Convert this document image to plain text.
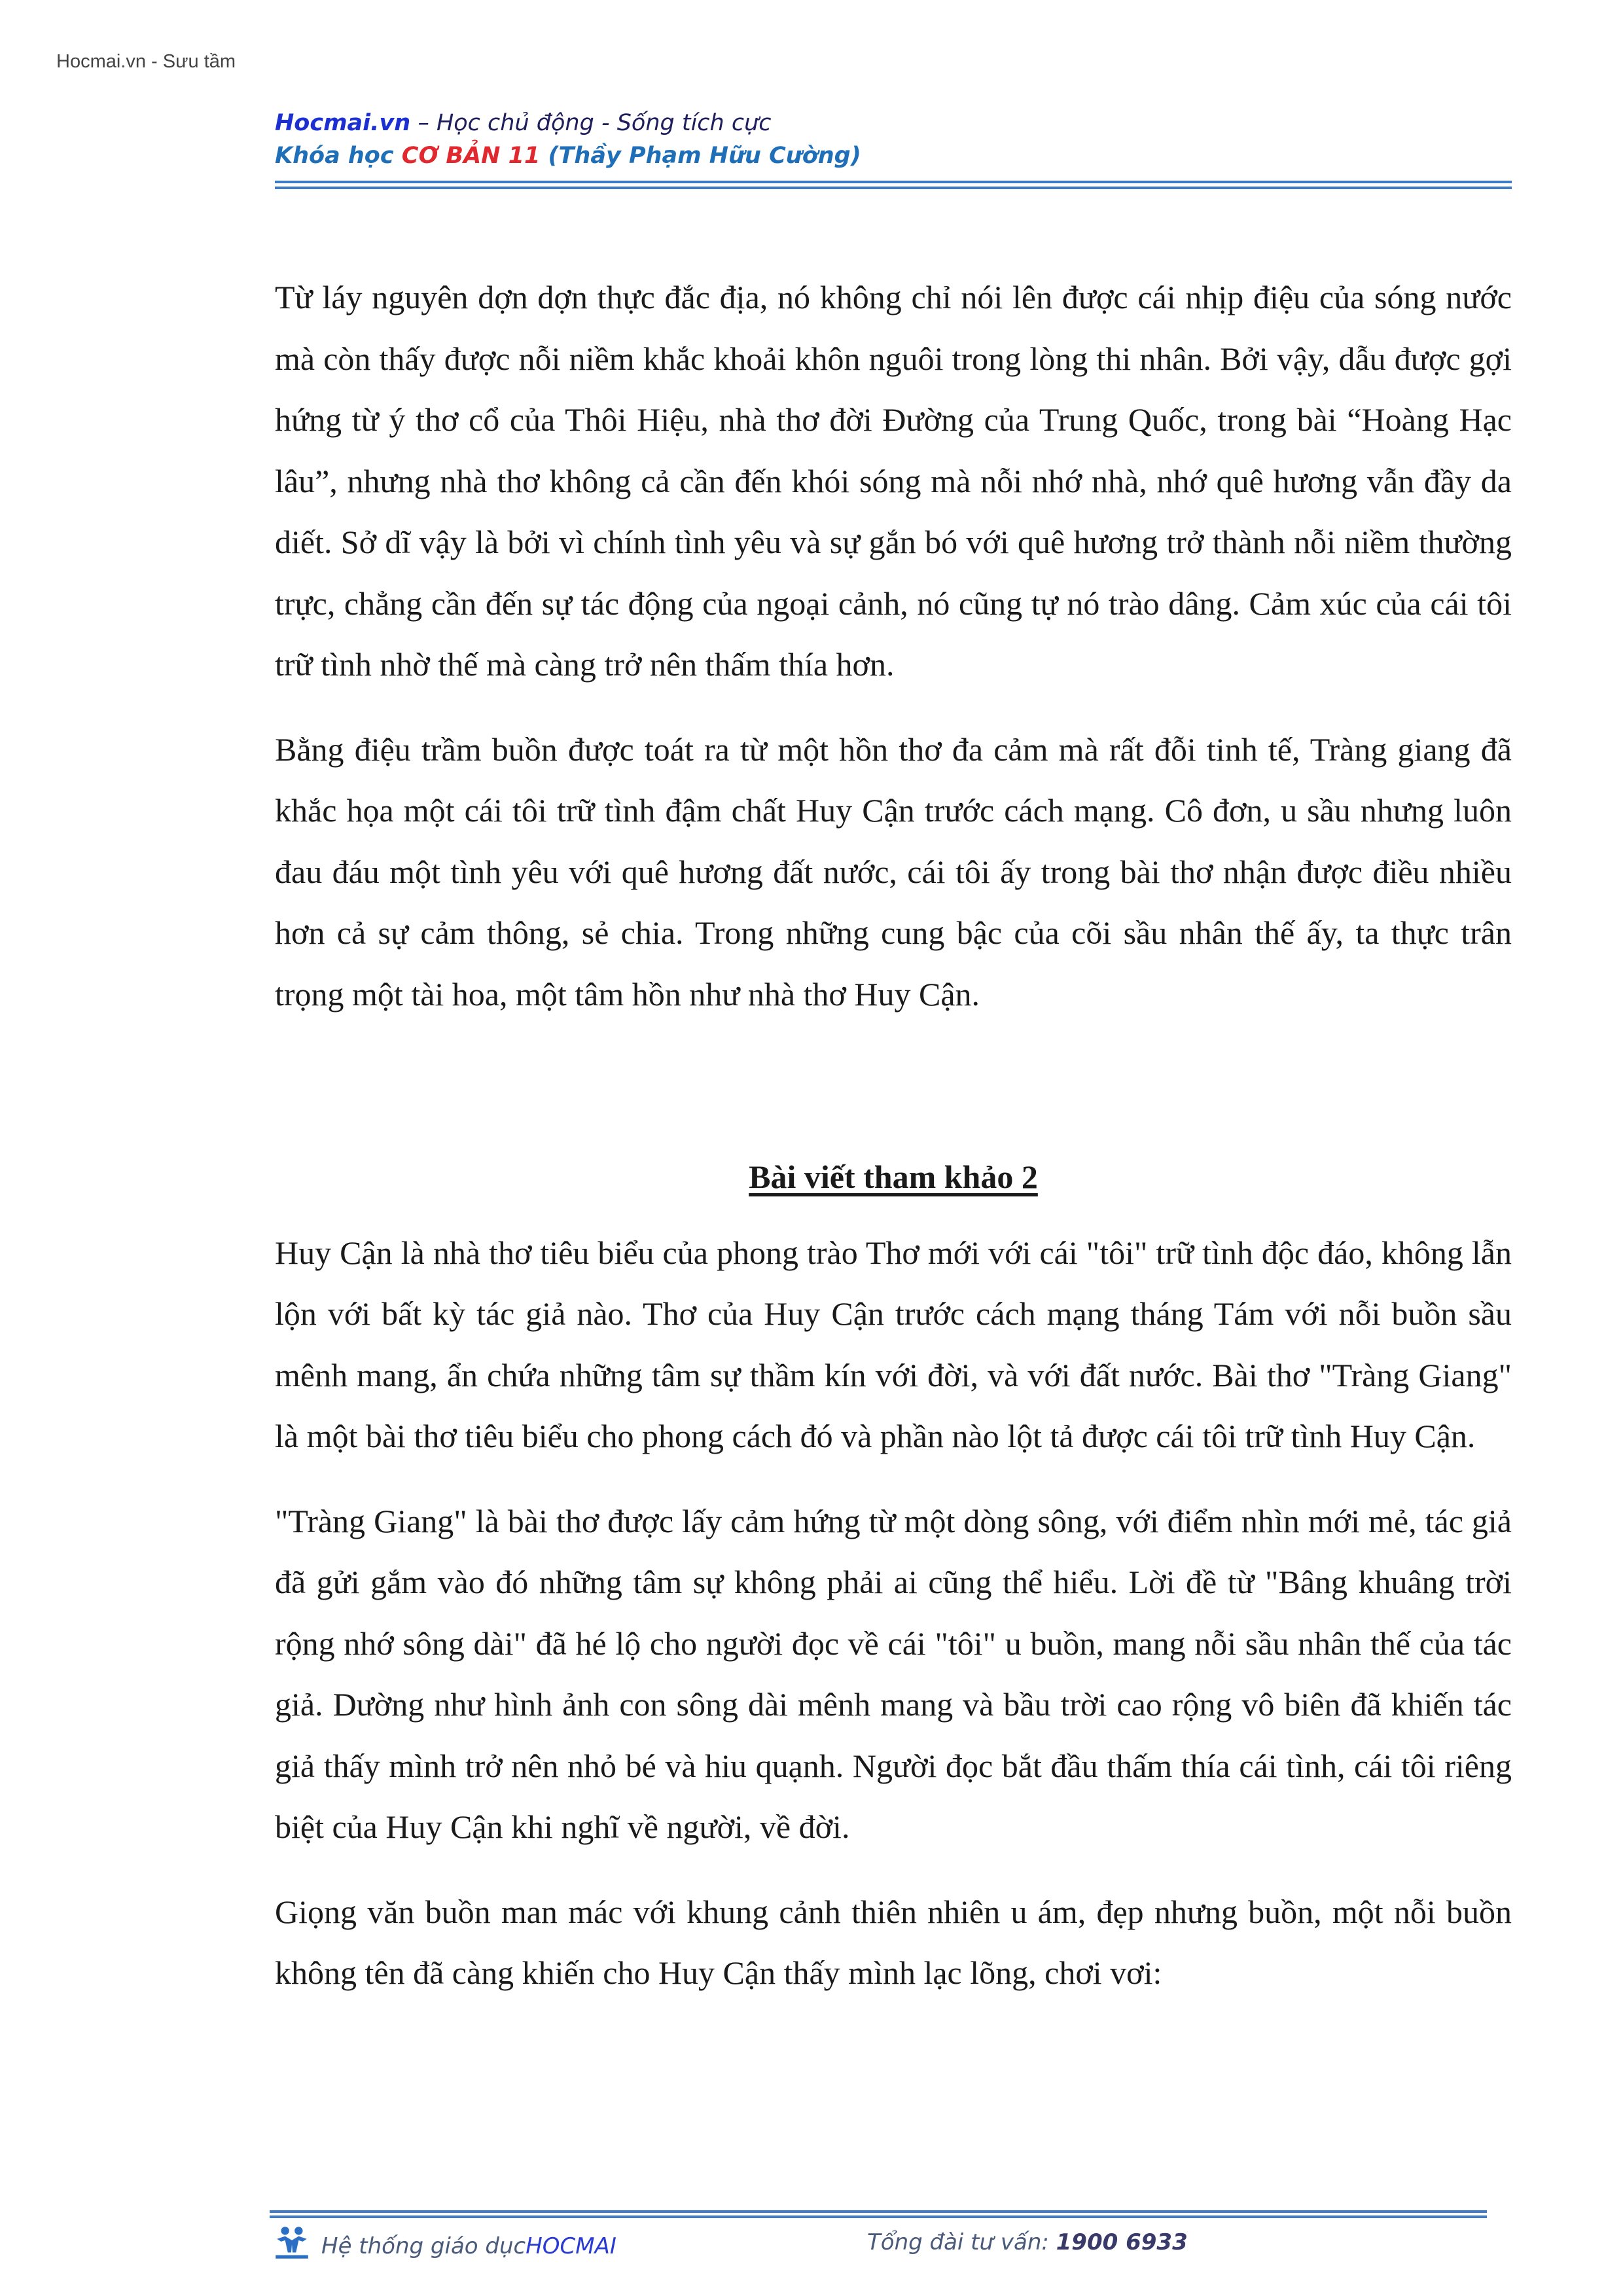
Hocmai.vn - Sưu tầm
Hocmai.vn – Học chủ động - Sống tích cực
Khóa học CƠ BẢN 11 (Thầy Phạm Hữu Cường)

Từ láy nguyên dợn dợn thực đắc địa, nó không chỉ nói lên được cái nhịp điệu của sóng nước mà còn thấy được nỗi niềm khắc khoải khôn nguôi trong lòng thi nhân. Bởi vậy, dẫu được gợi hứng từ ý thơ cổ của Thôi Hiệu, nhà thơ đời Đường của Trung Quốc, trong bài “Hoàng Hạc lâu”, nhưng nhà thơ không cả cần đến khói sóng mà nỗi nhớ nhà, nhớ quê hương vẫn đầy da diết. Sở dĩ vậy là bởi vì chính tình yêu và sự gắn bó với quê hương trở thành nỗi niềm thường trực, chẳng cần đến sự tác động của ngoại cảnh, nó cũng tự nó trào dâng. Cảm xúc của cái tôi trữ tình nhờ thế mà càng trở nên thấm thía hơn.

Bằng điệu trầm buồn được toát ra từ một hồn thơ đa cảm mà rất đỗi tinh tế, Tràng giang đã khắc họa một cái tôi trữ tình đậm chất Huy Cận trước cách mạng. Cô đơn, u sầu nhưng luôn đau đáu một tình yêu với quê hương đất nước, cái tôi ấy trong bài thơ nhận được điều nhiều hơn cả sự cảm thông, sẻ chia. Trong những cung bậc của cõi sầu nhân thế ấy, ta thực trân trọng một tài hoa, một tâm hồn như nhà thơ Huy Cận.

Bài viết tham khảo 2

Huy Cận là nhà thơ tiêu biểu của phong trào Thơ mới với cái "tôi" trữ tình độc đáo, không lẫn lộn với bất kỳ tác giả nào. Thơ của Huy Cận trước cách mạng tháng Tám với nỗi buồn sầu mênh mang, ẩn chứa những tâm sự thầm kín với đời, và với đất nước. Bài thơ "Tràng Giang" là một bài thơ tiêu biểu cho phong cách đó và phần nào lột tả được cái tôi trữ tình Huy Cận.

"Tràng Giang" là bài thơ được lấy cảm hứng từ một dòng sông, với điểm nhìn mới mẻ, tác giả đã gửi gắm vào đó những tâm sự không phải ai cũng thể hiểu. Lời đề từ "Bâng khuâng trời rộng nhớ sông dài" đã hé lộ cho người đọc về cái "tôi" u buồn, mang nỗi sầu nhân thế của tác giả. Dường như hình ảnh con sông dài mênh mang và bầu trời cao rộng vô biên đã khiến tác giả thấy mình trở nên nhỏ bé và hiu quạnh. Người đọc bắt đầu thấm thía cái tình, cái tôi riêng biệt của Huy Cận khi nghĩ về người, về đời.

Giọng văn buồn man mác với khung cảnh thiên nhiên u ám, đẹp nhưng buồn, một nỗi buồn không tên đã càng khiến cho Huy Cận thấy mình lạc lõng, chơi vơi:

Hệ thống giáo dục HOCMAI	Tổng đài tư vấn: 1900 6933
